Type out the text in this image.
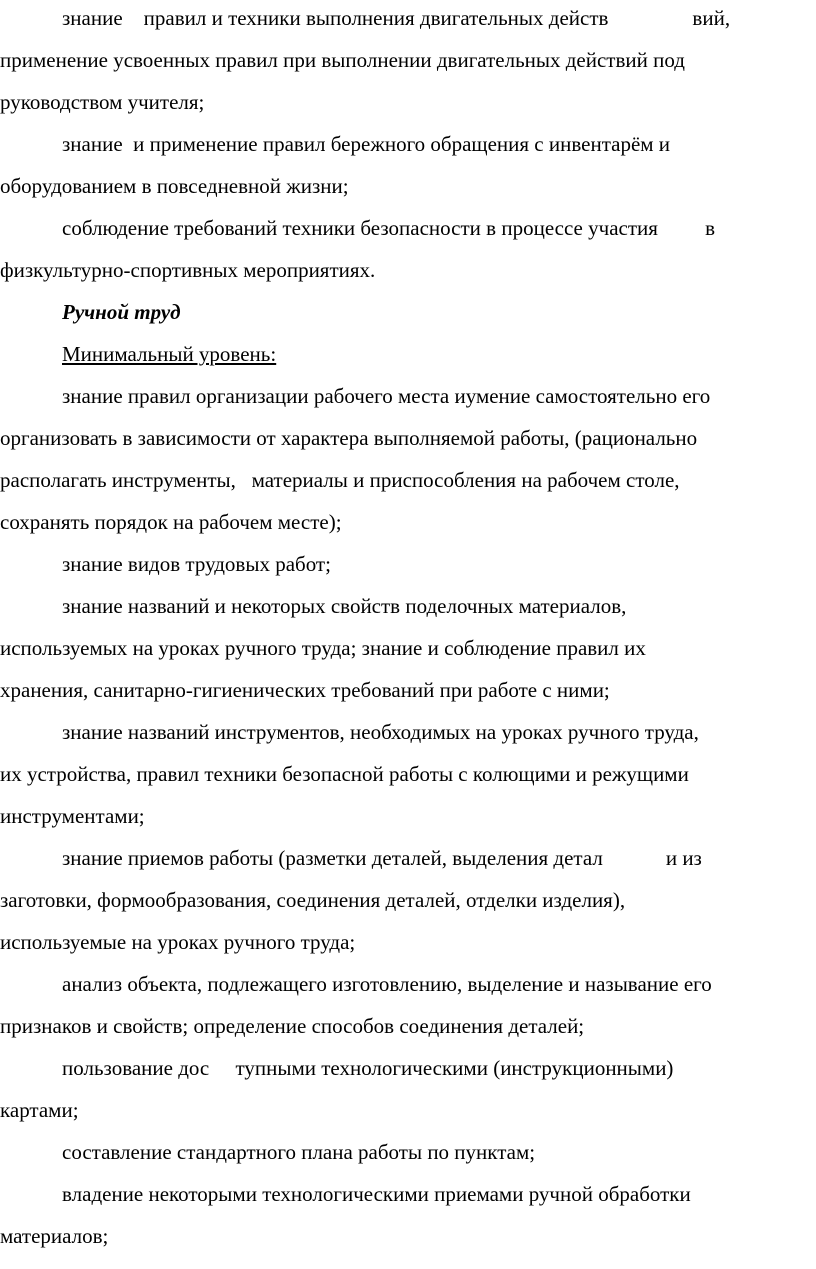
знание    правил и техники выполнения двигательных действ                вий,
применение усвоенных правил при выполнении двигательных действий под
руководством учителя;
знание  и применение правил бережного обращения с инвентарём и
оборудованием в повседневной жизни;
соблюдение требований техники безопасности в процессе участия         в
физкультурно-спортивных мероприятиях.
Ручной труд
Минимальный уровень:
знание правил организации рабочего места иумение самостоятельно его
организовать в зависимости от характера выполняемой работы, (рационально
располагать инструменты,   материалы и приспособления на рабочем столе,
сохранять порядок на рабочем месте);
знание видов трудовых работ;
знание названий и некоторых свойств поделочных материалов,
используемых на уроках ручного труда; знание и соблюдение правил их
хранения, санитарно-гигиенических требований при работе с ними;
знание названий инструментов, необходимых на уроках ручного труда,
их устройства, правил техники безопасной работы с колющими и режущими
инструментами;
знание приемов работы (разметки деталей, выделения детал            и из
заготовки, формообразования, соединения деталей, отделки изделия),
используемые на уроках ручного труда;
анализ объекта, подлежащего изготовлению, выделение и называние его
признаков и свойств; определение способов соединения деталей;
пользование дос     тупными технологическими (инструкционными)
картами;
составление стандартного плана работы по пунктам;
владение некоторыми технологическими приемами ручной обработки
материалов;
